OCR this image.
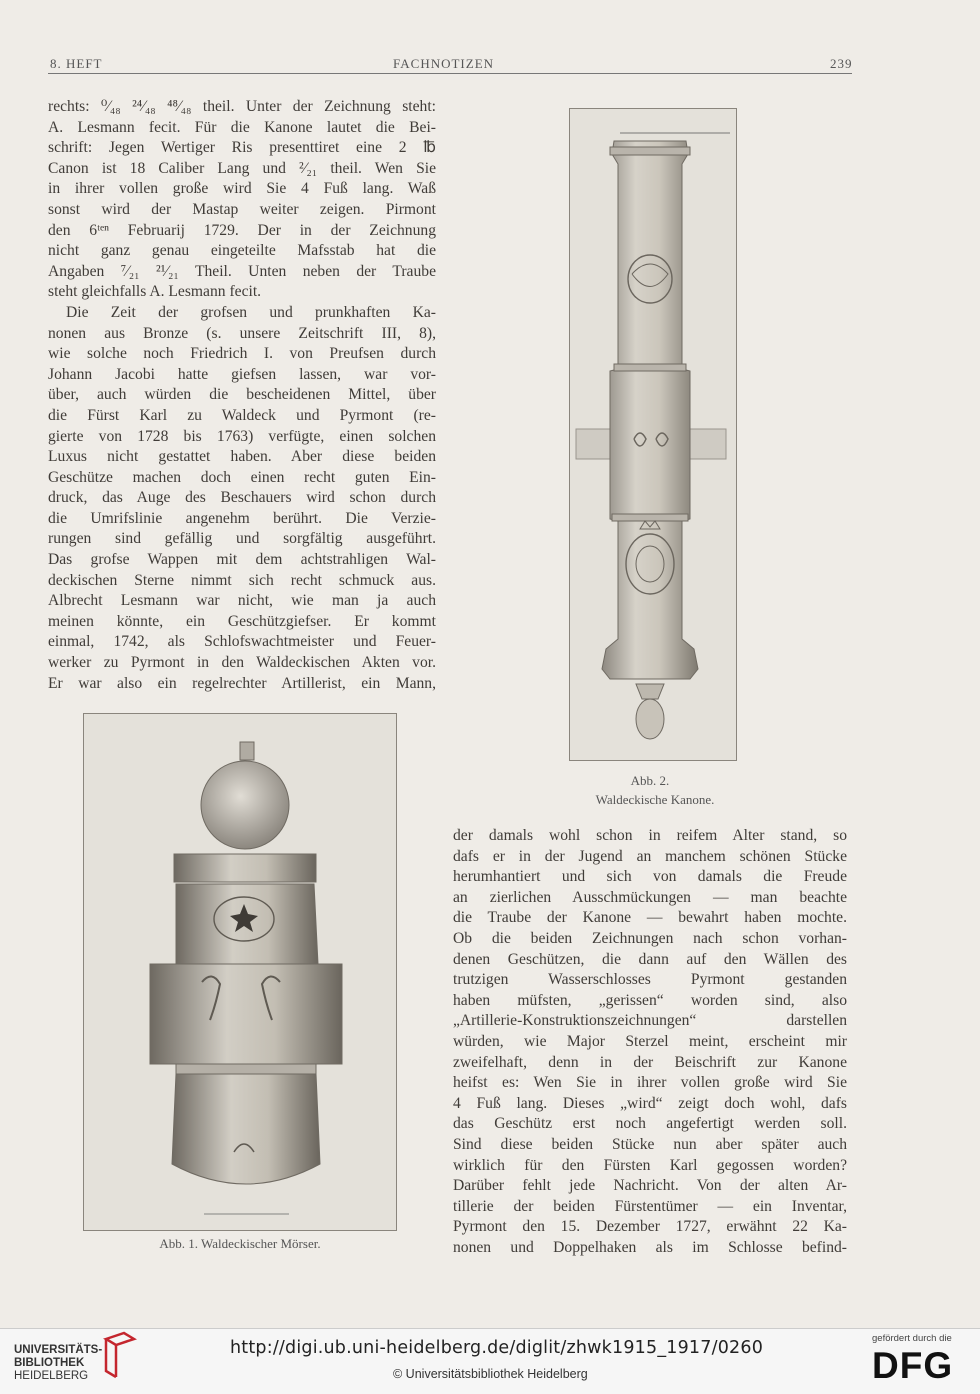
8. HEFT	FACHNOTIZEN	239
rechts: ⁰⁄₄₈ ²⁴⁄₄₈ ⁴⁸⁄₄₈ theil. Unter der Zeichnung steht:
A. Lesmann fecit. Für die Kanone lautet die Bei-
schrift: Jegen Wertiger Ris presenttiret eine 2 ℔
Canon ist 18 Caliber Lang und ²⁄₂₁ theil. Wen Sie
in ihrer vollen große wird Sie 4 Fuß lang. Waß
sonst wird der Mastap weiter zeigen. Pirmont
den 6ᵗᵉⁿ Februarij 1729. Der in der Zeichnung
nicht ganz genau eingeteilte Mafsstab hat die
Angaben ⁷⁄₂₁ ²¹⁄₂₁ Theil. Unten neben der Traube
steht gleichfalls A. Lesmann fecit.
Die Zeit der grofsen und prunkhaften Ka-
nonen aus Bronze (s. unsere Zeitschrift III, 8),
wie solche noch Friedrich I. von Preufsen durch
Johann Jacobi hatte giefsen lassen, war vor-
über, auch würden die bescheidenen Mittel, über
die Fürst Karl zu Waldeck und Pyrmont (re-
gierte von 1728 bis 1763) verfügte, einen solchen
Luxus nicht gestattet haben. Aber diese beiden
Geschütze machen doch einen recht guten Ein-
druck, das Auge des Beschauers wird schon durch
die Umrifslinie angenehm berührt. Die Verzie-
rungen sind gefällig und sorgfältig ausgeführt.
Das grofse Wappen mit dem achtstrahligen Wal-
deckischen Sterne nimmt sich recht schmuck aus.
Albrecht Lesmann war nicht, wie man ja auch
meinen könnte, ein Geschützgiefser. Er kommt
einmal, 1742, als Schlofswachtmeister und Feuer-
werker zu Pyrmont in den Waldeckischen Akten vor.
Er war also ein regelrechter Artillerist, ein Mann,
der damals wohl schon in reifem Alter stand, so
dafs er in der Jugend an manchem schönen Stücke
herumhantiert und sich von damals die Freude
an zierlichen Ausschmückungen — man beachte
die Traube der Kanone — bewahrt haben mochte.
Ob die beiden Zeichnungen nach schon vorhan-
denen Geschützen, die dann auf den Wällen des
trutzigen Wasserschlosses Pyrmont gestanden
haben müfsten, „gerissen“ worden sind, also
„Artillerie-Konstruktionszeichnungen“ darstellen
würden, wie Major Sterzel meint, erscheint mir
zweifelhaft, denn in der Beischrift zur Kanone
heifst es: Wen Sie in ihrer vollen große wird Sie
4 Fuß lang. Dieses „wird“ zeigt doch wohl, dafs
das Geschütz erst noch angefertigt werden soll.
Sind diese beiden Stücke nun aber später auch
wirklich für den Fürsten Karl gegossen worden?
Darüber fehlt jede Nachricht. Von der alten Ar-
tillerie der beiden Fürstentümer — ein Inventar,
Pyrmont den 15. Dezember 1727, erwähnt 22 Ka-
nonen und Doppelhaken als im Schlosse befind-
Abb. 2.
Waldeckische Kanone.
Abb. 1. Waldeckischer Mörser.
UNIVERSITÄTS-
BIBLIOTHEK
HEIDELBERG
http://digi.ub.uni-heidelberg.de/diglit/zhwk1915_1917/0260
© Universitätsbibliothek Heidelberg
gefördert durch die
DFG
